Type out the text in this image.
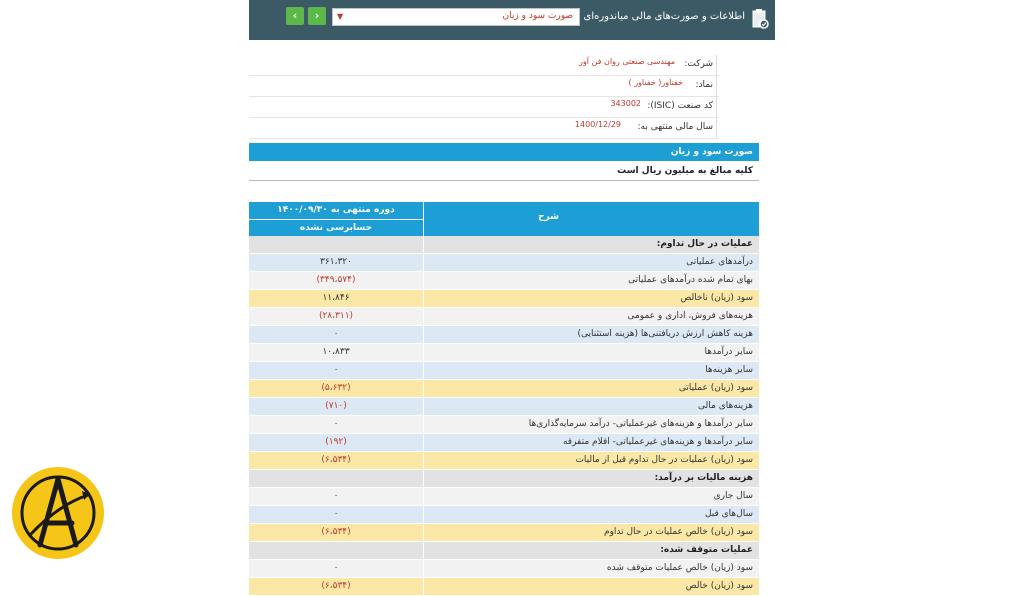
اطلاعات و صورت‌های مالی میاندوره‌ای
صورت سود و زیان
▼
›
‹
شرکت:
مهندسی صنعتی روان فن آور
نماد:
خفناور( خفناور )
کد صنعت (ISIC):
343002
سال مالی منتهی به:
1400/12/29
صورت سود و زیان
کلیه مبالغ به میلیون ریال است
دوره منتهی به ۱۴۰۰/۰۹/۳۰
حسابرسی نشده
شرح
عملیات در حال تداوم:
۳۶۱،۳۲۰	درآمدهای عملیاتی
(۳۴۹،۵۷۴)	بهای تمام شده درآمدهای عملیاتی
۱۱،۸۴۶	سود (زیان) ناخالص
(۲۸،۳۱۱)	هزینه‌های فروش، اداری و عمومی
۰	هزینه کاهش ارزش دریافتنی‌ها (هزینه استثنایی)
۱۰،۸۳۳	سایر درآمدها
۰	سایر هزینه‌ها
(۵،۶۳۲)	سود (زیان) عملیاتی
(۷۱۰)	هزینه‌های مالی
۰	سایر درآمدها و هزینه‌های غیرعملیاتی- درآمد سرمایه‌گذاری‌ها
(۱۹۲)	سایر درآمدها و هزینه‌های غیرعملیاتی- اقلام متفرقه
(۶،۵۳۴)	سود (زیان) عملیات در حال تداوم قبل از مالیات
هزینه مالیات بر درآمد:
۰	سال جاری
۰	سال‌های قبل
(۶،۵۳۴)	سود (زیان) خالص عملیات در حال تداوم
عملیات متوقف شده:
۰	سود (زیان) خالص عملیات متوقف شده
(۶،۵۳۴)	سود (زیان) خالص
